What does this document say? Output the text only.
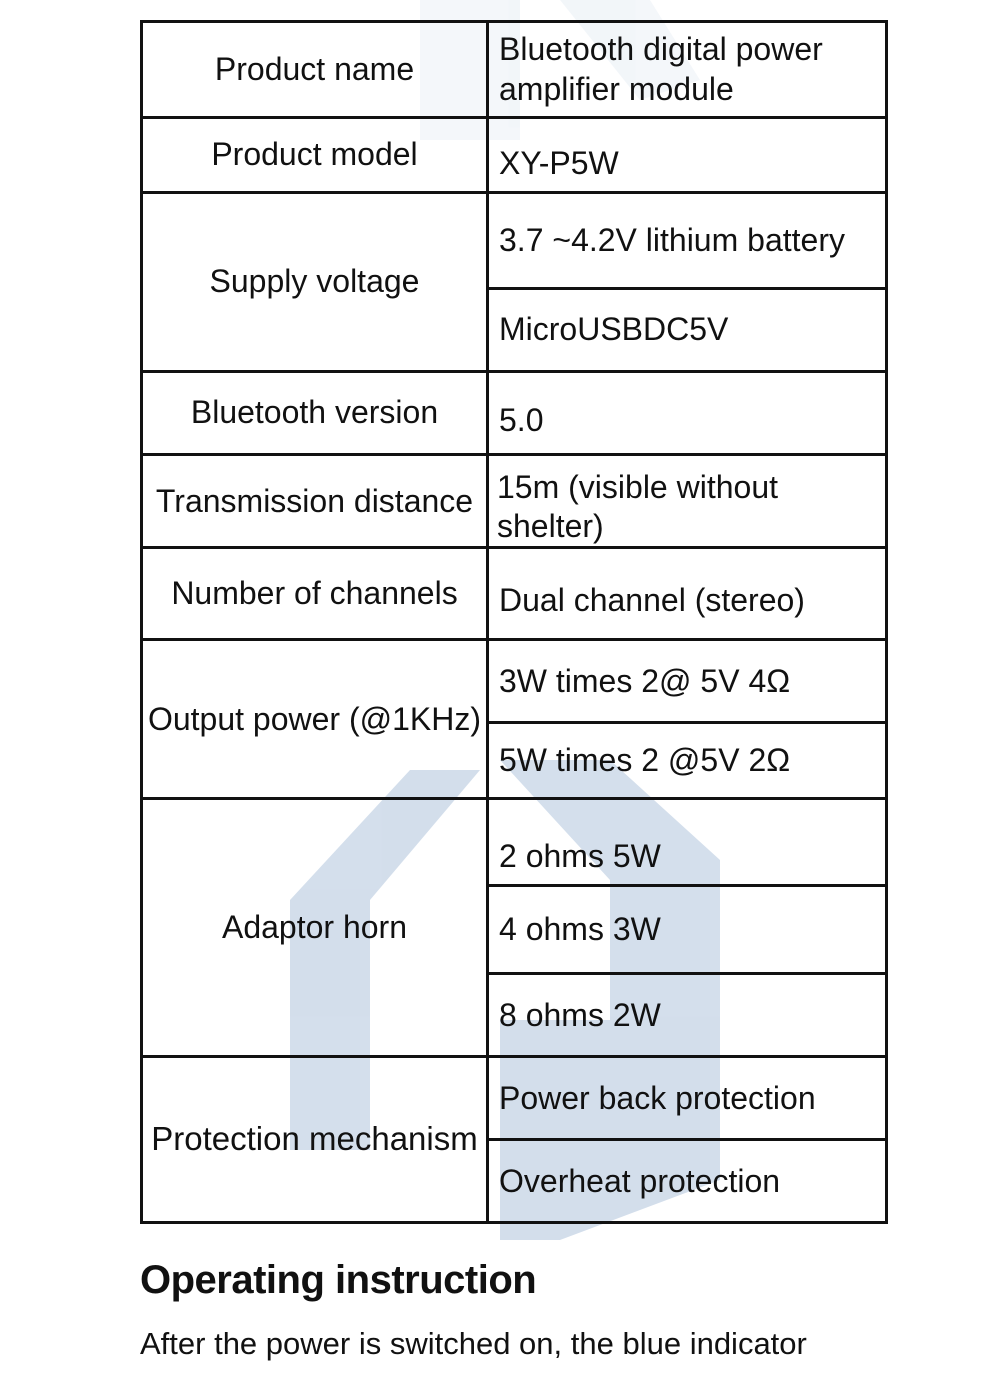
Product name	Bluetooth digital power amplifier module
Product model	XY-P5W
Supply voltage	3.7 ~4.2V lithium battery
	MicroUSBDC5V
Bluetooth version	5.0
Transmission distance	15m (visible without shelter)
Number of channels	Dual channel (stereo)
Output power (@1KHz)	3W times 2@ 5V 4Ω
	5W times 2 @5V 2Ω
Adaptor horn	2 ohms 5W
	4 ohms 3W
	8 ohms 2W
Protection mechanism	Power back protection
	Overheat protection
Operating instruction

After the power is switched on, the blue indicator
